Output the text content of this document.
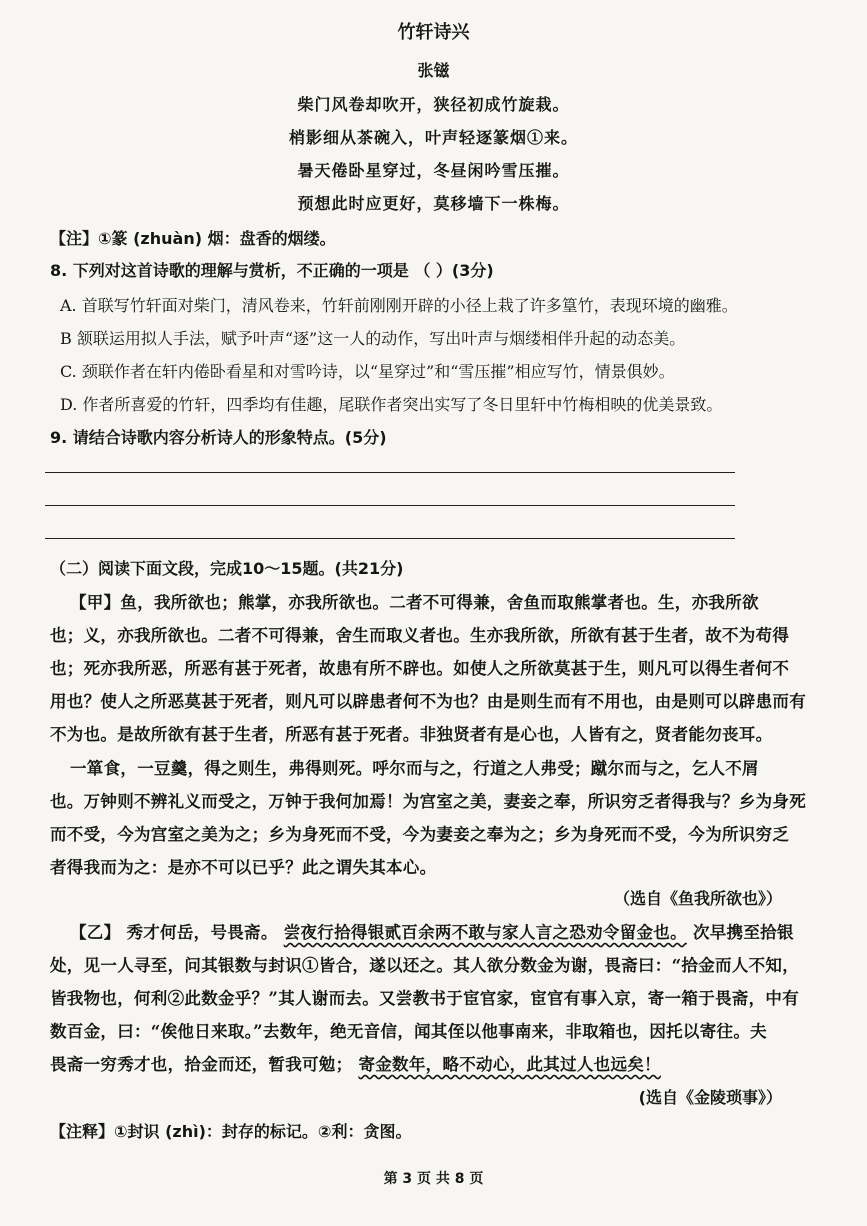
竹轩诗兴
张镃
柴门风卷却吹开，狭径初成竹旋栽。
梢影细从茶碗入，叶声轻逐篆烟①来。
暑天倦卧星穿过，冬昼闲吟雪压摧。
预想此时应更好，莫移墙下一株梅。
【注】①篆 (zhuàn) 烟：盘香的烟缕。
8. 下列对这首诗歌的理解与赏析，不正确的一项是 （ ）(3分)
A. 首联写竹轩面对柴门，清风卷来，竹轩前刚刚开辟的小径上栽了许多篁竹，表现环境的幽雅。
B 颔联运用拟人手法，赋予叶声“逐”这一人的动作，写出叶声与烟缕相伴升起的动态美。
C. 颈联作者在轩内倦卧看星和对雪吟诗，以“星穿过”和“雪压摧”相应写竹，情景俱妙。
D. 作者所喜爱的竹轩，四季均有佳趣，尾联作者突出实写了冬日里轩中竹梅相映的优美景致。
9. 请结合诗歌内容分析诗人的形象特点。(5分)
（二）阅读下面文段，完成10～15题。(共21分)
【甲】鱼，我所欲也；熊掌，亦我所欲也。二者不可得兼，舍鱼而取熊掌者也。生，亦我所欲
也；义，亦我所欲也。二者不可得兼，舍生而取义者也。生亦我所欲，所欲有甚于生者，故不为苟得
也；死亦我所恶，所恶有甚于死者，故患有所不辟也。如使人之所欲莫甚于生，则凡可以得生者何不
用也？使人之所恶莫甚于死者，则凡可以辟患者何不为也？由是则生而有不用也，由是则可以辟患而有
不为也。是故所欲有甚于生者，所恶有甚于死者。非独贤者有是心也，人皆有之，贤者能勿丧耳。
一箪食，一豆羹，得之则生，弗得则死。呼尔而与之，行道之人弗受；蹴尔而与之，乞人不屑
也。万钟则不辨礼义而受之，万钟于我何加焉！为宫室之美，妻妾之奉，所识穷乏者得我与？乡为身死
而不受，今为宫室之美为之；乡为身死而不受，今为妻妾之奉为之；乡为身死而不受，今为所识穷乏
者得我而为之：是亦不可以已乎？此之谓失其本心。
（选自《鱼我所欲也》）
【乙】 秀才何岳，号畏斋。 尝夜行拾得银贰百余两不敢与家人言之恐劝令留金也。 次早携至拾银
处，见一人寻至，问其银数与封识①皆合，遂以还之。其人欲分数金为谢，畏斋曰：“拾金而人不知，
皆我物也，何利②此数金乎？”其人谢而去。又尝教书于宦官家，宦官有事入京，寄一箱于畏斋，中有
数百金，曰：“俟他日来取。”去数年，绝无音信，闻其侄以他事南来，非取箱也，因托以寄往。夫
畏斋一穷秀才也，拾金而还，暂我可勉； 寄金数年，略不动心，此其过人也远矣！
(选自《金陵琐事》）
【注释】①封识 (zhì)：封存的标记。②利：贪图。
第 3 页 共 8 页
